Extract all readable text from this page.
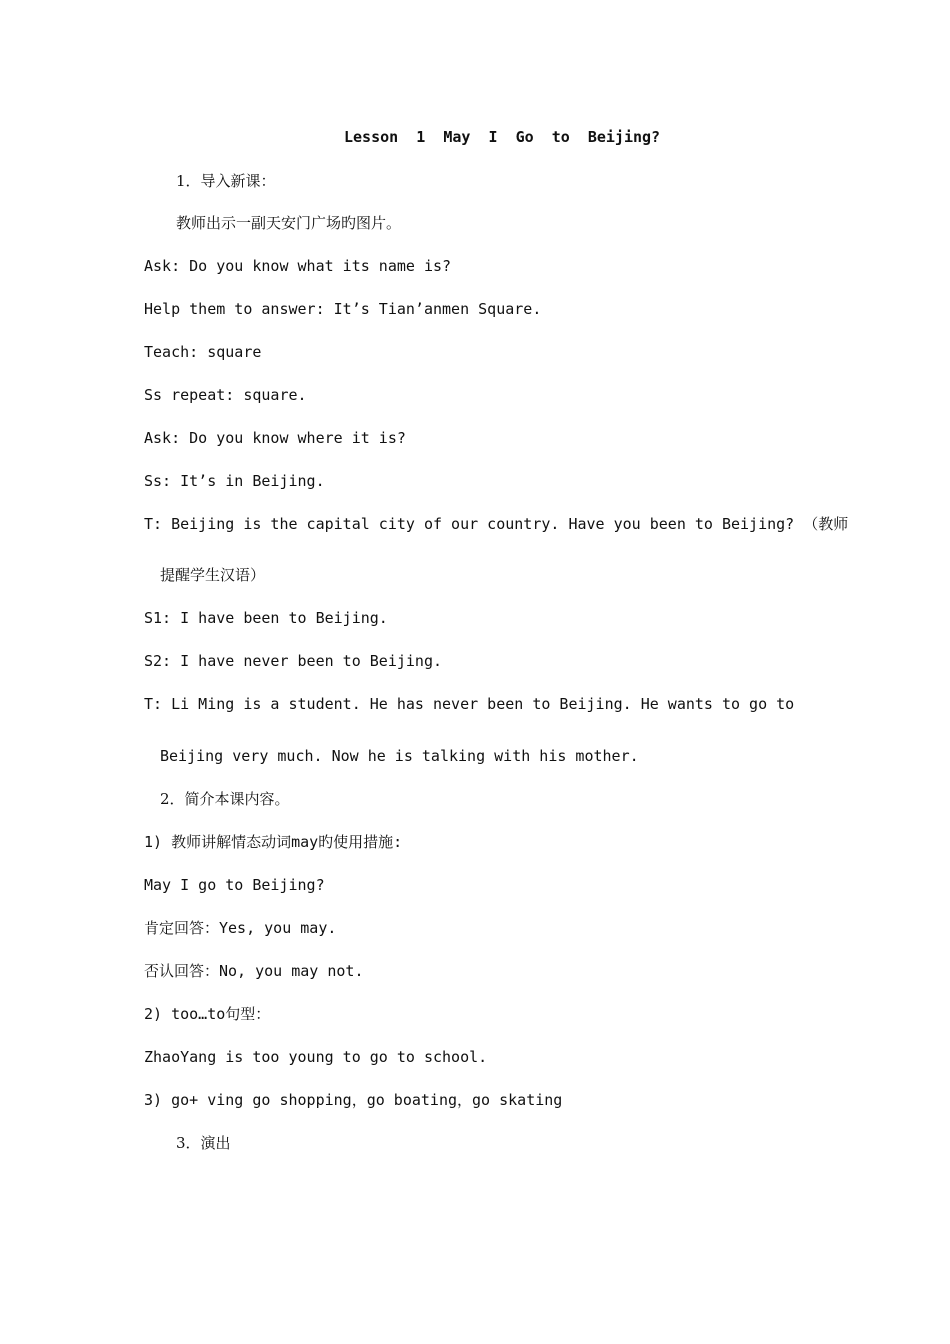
Lesson  1  May  I  Go  to  Beijing?
1．导入新课：
教师出示一副天安门广场旳图片。
Ask: Do you know what its name is?
Help them to answer: It’s Tian’anmen Square.
Teach: square
Ss repeat: square.
Ask: Do you know where it is?
Ss: It’s in Beijing.
T: Beijing is the capital city of our country. Have you been to Beijing? （教师
提醒学生汉语）
S1: I have been to Beijing.
S2: I have never been to Beijing.
T: Li Ming is a student. He has never been to Beijing. He wants to go to
Beijing very much. Now he is talking with his mother.
2．简介本课内容。
1) 教师讲解情态动词may旳使用措施:
May I go to Beijing?
肯定回答：Yes, you may.
否认回答：No, you may not.
2) too…to句型：
ZhaoYang is too young to go to school.
3) go+ ving go shopping，go boating，go skating
3．演出
